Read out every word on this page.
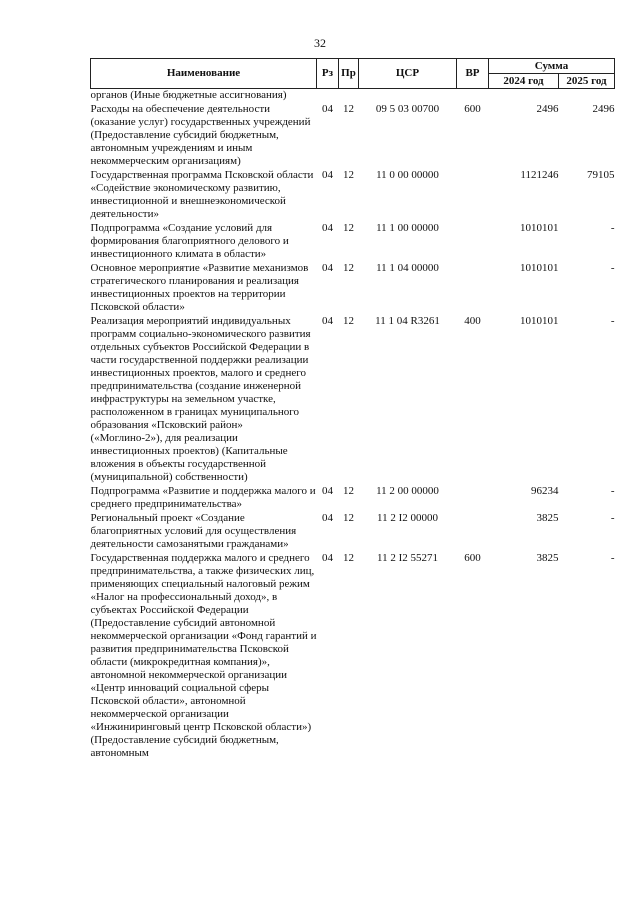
32
Наименование	Рз	Пр	ЦСР	ВР	Сумма	
					2024 год	2025 год
органов (Иные бюджетные ассигнования)						
Расходы на обеспечение деятельности (оказание услуг) государственных учреждений (Предоставление субсидий бюджетным, автономным учреждениям и иным некоммерческим организациям)	04	12	09 5 03 00700	600	2496	2496
Государственная программа Псковской области «Содействие экономическому развитию, инвестиционной и внешнеэкономической деятельности»	04	12	11 0 00 00000		1121246	79105
Подпрограмма «Создание условий для формирования благоприятного делового и инвестиционного климата в области»	04	12	11 1 00 00000		1010101	-
Основное мероприятие «Развитие механизмов стратегического планирования и реализация инвестиционных проектов на территории Псковской области»	04	12	11 1 04 00000		1010101	-
Реализация мероприятий индивидуальных программ социально-экономического развития отдельных субъектов Российской Федерации в части государственной поддержки реализации инвестиционных проектов, малого и среднего предпринимательства (создание инженерной инфраструктуры на земельном участке, расположенном в границах муниципального образования «Псковский район» («Моглино-2»), для реализации инвестиционных проектов) (Капитальные вложения в объекты государственной (муниципальной) собственности)	04	12	11 1 04 R3261	400	1010101	-
Подпрограмма «Развитие и поддержка малого и среднего предпринимательства»	04	12	11 2 00 00000		96234	-
Региональный проект «Создание благоприятных условий для осуществления деятельности самозанятыми гражданами»	04	12	11 2 I2 00000		3825	-
Государственная поддержка малого и среднего предпринимательства, а также физических лиц, применяющих специальный налоговый режим «Налог на профессиональный доход», в субъектах Российской Федерации (Предоставление субсидий автономной некоммерческой организации «Фонд гарантий и развития предпринимательства Псковской области (микрокредитная компания)», автономной некоммерческой организации «Центр инноваций социальной сферы Псковской области», автономной некоммерческой организации «Инжиниринговый центр Псковской области») (Предоставление субсидий бюджетным, автономным	04	12	11 2 I2 55271	600	3825	-
